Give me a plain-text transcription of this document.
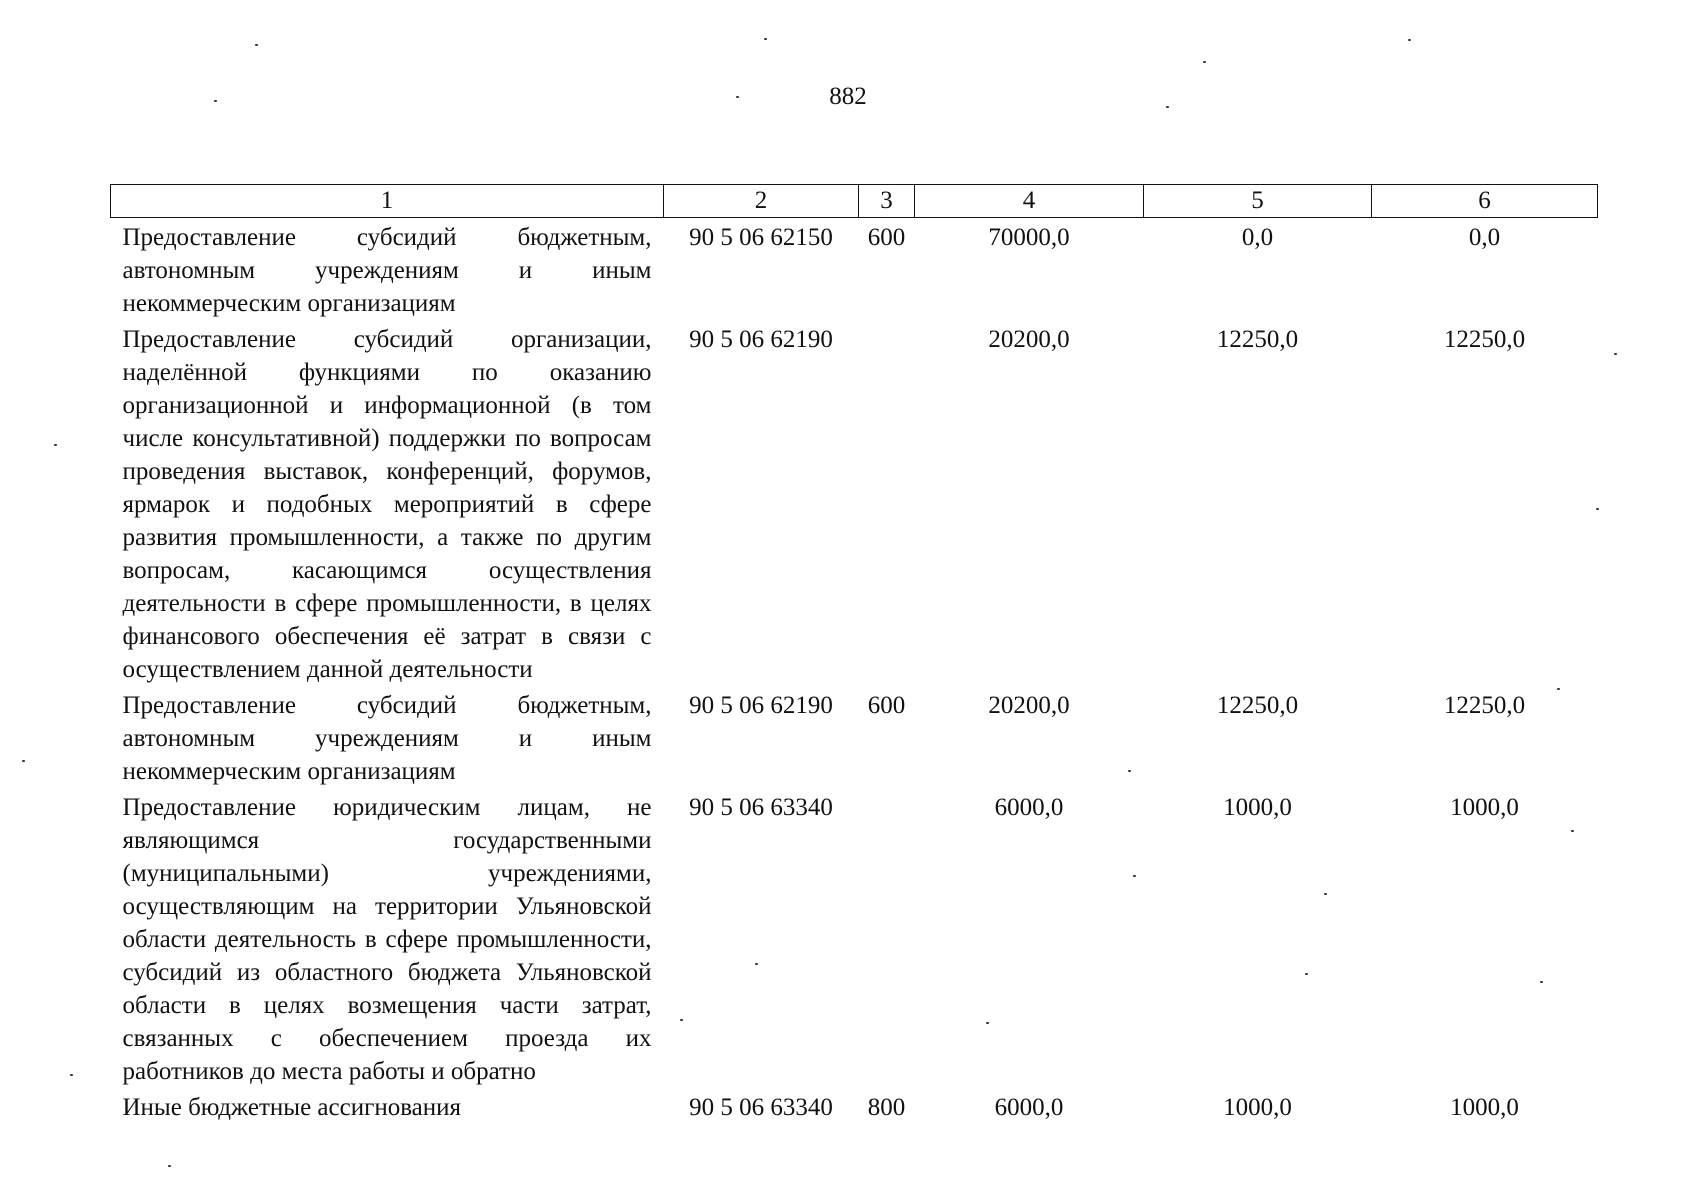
882
1	2	3	4	5	6
Предоставление субсидий бюджетным, автономным учреждениям и иным некоммерческим организациям	90 5 06 62150	600	70000,0	0,0	0,0
Предоставление субсидий организации, наделённой функциями по оказанию организационной и информационной (в том числе консультативной) поддержки по вопросам проведения выставок, конференций, форумов, ярмарок и подобных мероприятий в сфере развития промышленности, а также по другим вопросам, касающимся осуществления деятельности в сфере промышленности, в целях финансового обеспечения её затрат в связи с осуществлением данной деятельности	90 5 06 62190		20200,0	12250,0	12250,0
Предоставление субсидий бюджетным, автономным учреждениям и иным некоммерческим организациям	90 5 06 62190	600	20200,0	12250,0	12250,0
Предоставление юридическим лицам, не являющимся государственными (муниципальными) учреждениями, осуществляющим на территории Ульяновской области деятельность в сфере промышленности, субсидий из областного бюджета Ульяновской области в целях возмещения части затрат, связанных с обеспечением проезда их работников до места работы и обратно	90 5 06 63340		6000,0	1000,0	1000,0
Иные бюджетные ассигнования	90 5 06 63340	800	6000,0	1000,0	1000,0
